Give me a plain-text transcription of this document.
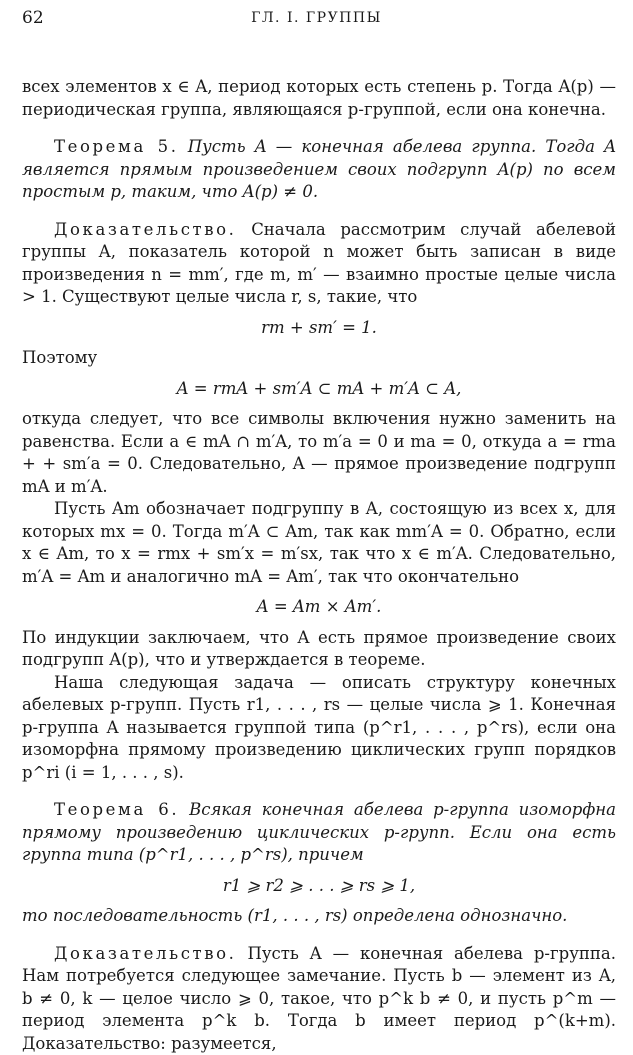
62	ГЛ. I. ГРУППЫ

всех элементов x ∈ A, период которых есть степень p. Тогда A(p) — периодическая группа, являющаяся p-группой, если она конечна.

Теорема 5. Пусть A — конечная абелева группа. Тогда A является прямым произведением своих подгрупп A(p) по всем простым p, таким, что A(p) ≠ 0.

Доказательство. Сначала рассмотрим случай абелевой группы A, показатель которой n может быть записан в виде произведения n = mm′, где m, m′ — взаимно простые целые числа > 1. Существуют целые числа r, s, такие, что

rm + sm′ = 1.

Поэтому

A = rmA + sm′A ⊂ mA + m′A ⊂ A,

откуда следует, что все символы включения нужно заменить на равенства. Если a ∈ mA ∩ m′A, то m′a = 0 и ma = 0, откуда a = rma + + sm′a = 0. Следовательно, A — прямое произведение подгрупп mA и m′A.

Пусть Am обозначает подгруппу в A, состоящую из всех x, для которых mx = 0. Тогда m′A ⊂ Am, так как mm′A = 0. Обратно, если x ∈ Am, то x = rmx + sm′x = m′sx, так что x ∈ m′A. Следовательно, m′A = Am и аналогично mA = Am′, так что окончательно

A = Am × Am′.

По индукции заключаем, что A есть прямое произведение своих подгрупп A(p), что и утверждается в теореме.

Наша следующая задача — описать структуру конечных абелевых p-групп. Пусть r1, . . . , rs — целые числа ⩾ 1. Конечная p-группа A называется группой типа (p^r1, . . . , p^rs), если она изоморфна прямому произведению циклических групп порядков p^ri (i = 1, . . . , s).

Теорема 6. Всякая конечная абелева p-группа изоморфна прямому произведению циклических p-групп. Если она есть группа типа (p^r1, . . . , p^rs), причем

r1 ⩾ r2 ⩾ . . . ⩾ rs ⩾ 1,

то последовательность (r1, . . . , rs) определена однозначно.

Доказательство. Пусть A — конечная абелева p-группа. Нам потребуется следующее замечание. Пусть b — элемент из A, b ≠ 0, k — целое число ⩾ 0, такое, что p^k b ≠ 0, и пусть p^m — период элемента p^k b. Тогда b имеет период p^(k+m). Доказательство: разумеется,
